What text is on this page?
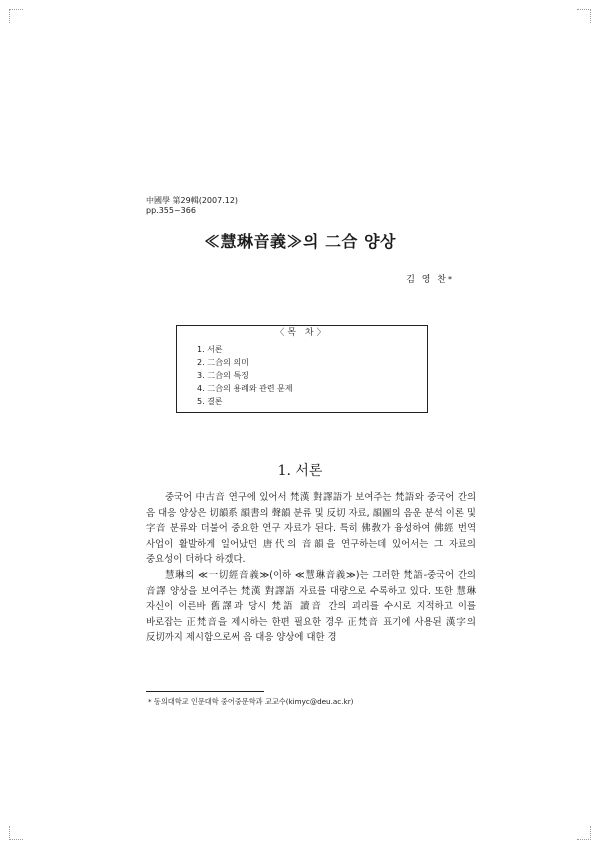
中國學 第29輯(2007.12)
pp.355~366
≪慧琳音義≫의 二合 양상
김 영 찬*
〈목 차〉
1. 서론
2. 二合의 의미
3. 二合의 특징
4. 二合의 용례와 관련 문제
5. 결론
1. 서론

중국어 中古音 연구에 있어서 梵漢 對譯語가 보여주는 梵語와 중국어 간의 음 대응 양상은 切韻系 韻書의 聲韻 분류 및 反切 자료, 韻圖의 음운 분석 이론 및 字音 분류와 더불어 중요한 연구 자료가 된다. 특히 佛敎가 융성하여 佛經 번역 사업이 활발하게 일어났던 唐代의 音韻을 연구하는데 있어서는 그 자료의 중요성이 더하다 하겠다.

慧琳의 ≪一切經音義≫(이하 ≪慧琳音義≫)는 그러한 梵語-중국어 간의 音譯 양상을 보여주는 梵漢 對譯語 자료를 대량으로 수록하고 있다. 또한 慧琳 자신이 이른바 舊譯과 당시 梵語 讀音 간의 괴리를 수시로 지적하고 이를 바로잡는 正梵音을 제시하는 한편 필요한 경우 正梵音 표기에 사용된 漢字의 反切까지 제시함으로써 음 대응 양상에 대한 경

* 동의대학교 인문대학 중어중문학과 교교수(kimyc@deu.ac.kr)
